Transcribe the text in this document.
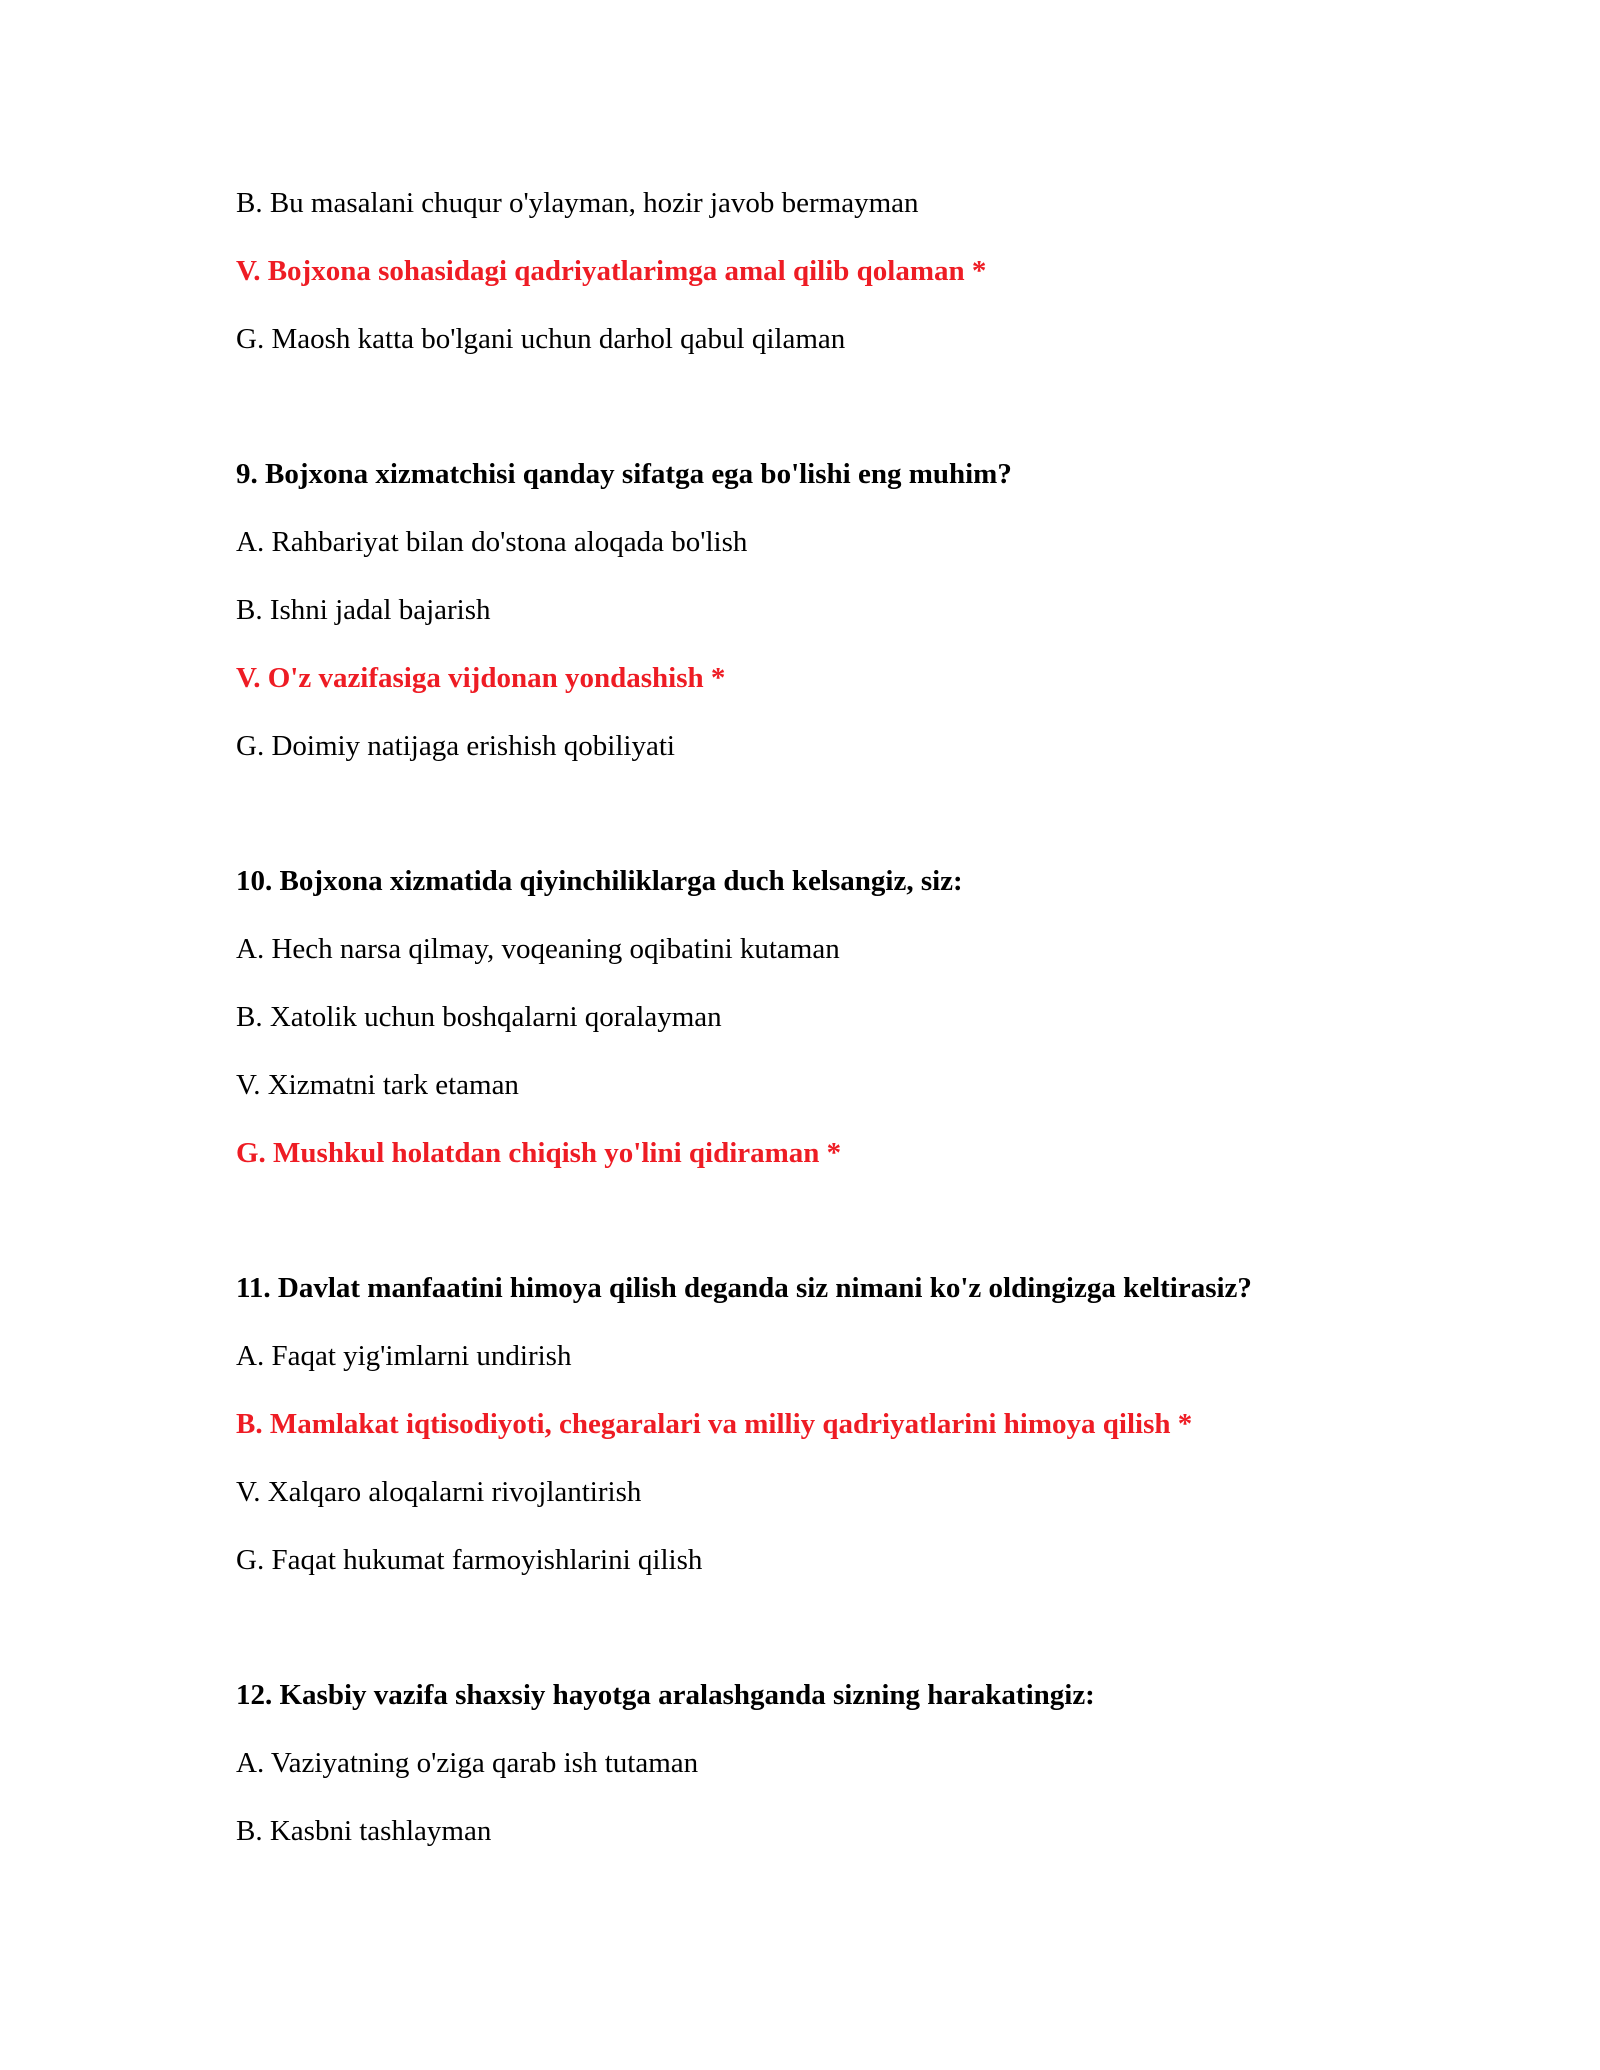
B. Bu masalani chuqur o'ylayman, hozir javob bermayman
V. Bojxona sohasidagi qadriyatlarimga amal qilib qolaman *
G. Maosh katta bo'lgani uchun darhol qabul qilaman
9. Bojxona xizmatchisi qanday sifatga ega bo'lishi eng muhim?
A. Rahbariyat bilan do'stona aloqada bo'lish
B. Ishni jadal bajarish
V. O'z vazifasiga vijdonan yondashish *
G. Doimiy natijaga erishish qobiliyati
10. Bojxona xizmatida qiyinchiliklarga duch kelsangiz, siz:
A. Hech narsa qilmay, voqeaning oqibatini kutaman
B. Xatolik uchun boshqalarni qoralayman
V. Xizmatni tark etaman
G. Mushkul holatdan chiqish yo'lini qidiraman *
11. Davlat manfaatini himoya qilish deganda siz nimani ko'z oldingizga keltirasiz?
A. Faqat yig'imlarni undirish
B. Mamlakat iqtisodiyoti, chegaralari va milliy qadriyatlarini himoya qilish *
V. Xalqaro aloqalarni rivojlantirish
G. Faqat hukumat farmoyishlarini qilish
12. Kasbiy vazifa shaxsiy hayotga aralashganda sizning harakatingiz:
A. Vaziyatning o'ziga qarab ish tutaman
B. Kasbni tashlayman
